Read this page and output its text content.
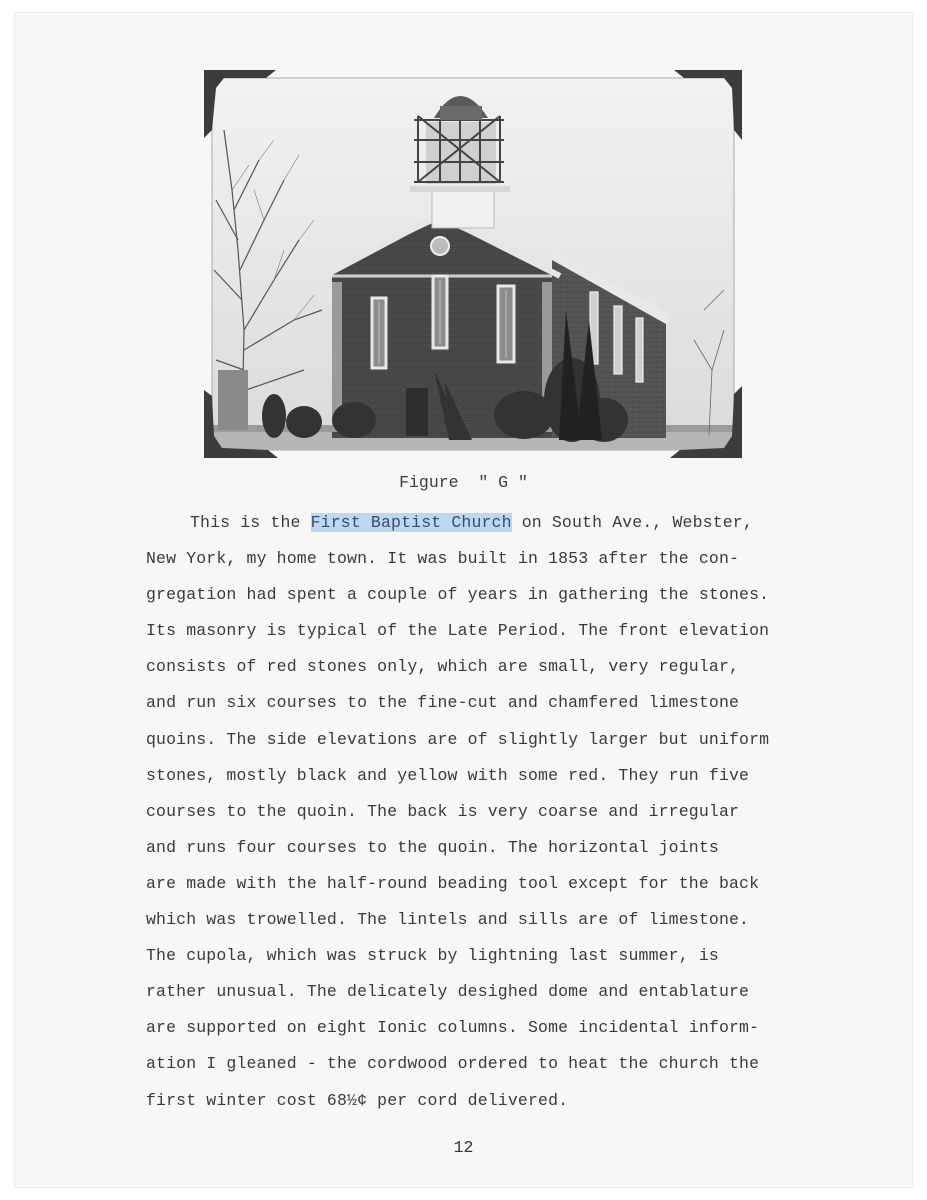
Figure  " G "
This is the First Baptist Church on South Ave., Webster,
New York, my home town. It was built in 1853 after the con-
gregation had spent a couple of years in gathering the stones.
Its masonry is typical of the Late Period. The front elevation
consists of red stones only, which are small, very regular,
and run six courses to the fine-cut and chamfered limestone
quoins. The side elevations are of slightly larger but uniform
stones, mostly black and yellow with some red. They run five
courses to the quoin. The back is very coarse and irregular
and runs four courses to the quoin. The horizontal joints
are made with the half-round beading tool except for the back
which was trowelled. The lintels and sills are of limestone.
The cupola, which was struck by lightning last summer, is
rather unusual. The delicately desighed dome and entablature
are supported on eight Ionic columns. Some incidental inform-
ation I gleaned - the cordwood ordered to heat the church the
first winter cost 68½¢ per cord delivered.
12
